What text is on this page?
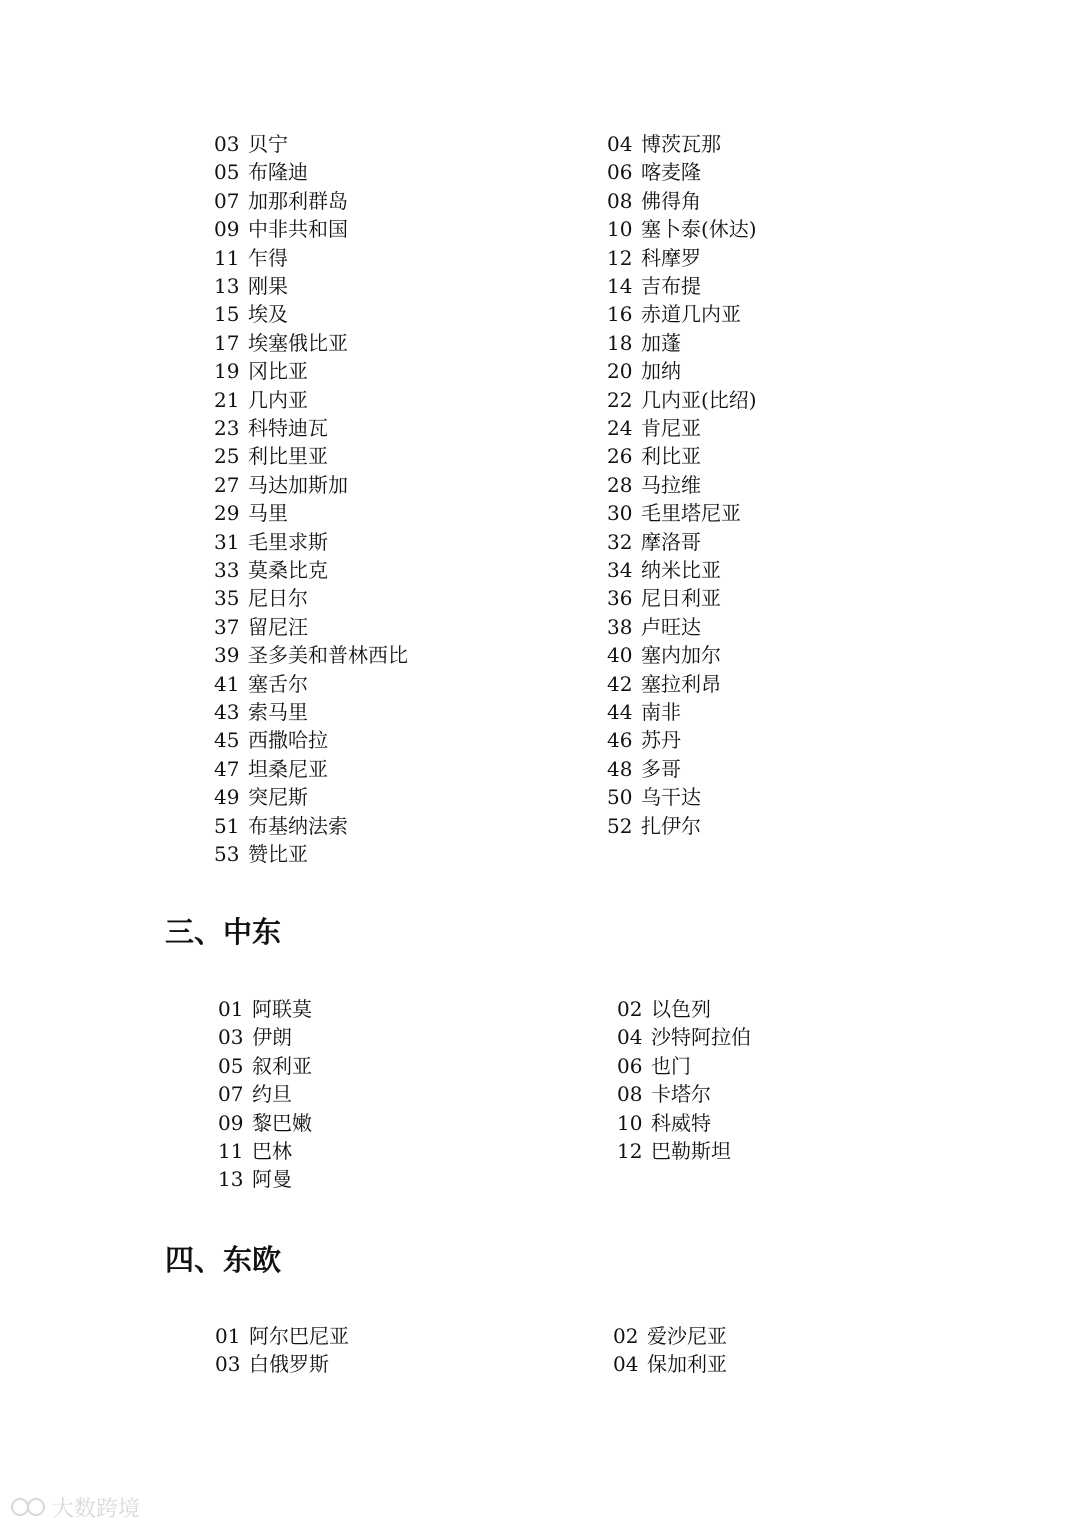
03 贝宁	04 博茨瓦那
05 布隆迪	06 喀麦隆
07 加那利群岛	08 佛得角
09 中非共和国	10 塞卜泰(休达)
11 乍得	12 科摩罗
13 刚果	14 吉布提
15 埃及	16 赤道几内亚
17 埃塞俄比亚	18 加蓬
19 冈比亚	20 加纳
21 几内亚	22 几内亚(比绍)
23 科特迪瓦	24 肯尼亚
25 利比里亚	26 利比亚
27 马达加斯加	28 马拉维
29 马里	30 毛里塔尼亚
31 毛里求斯	32 摩洛哥
33 莫桑比克	34 纳米比亚
35 尼日尔	36 尼日利亚
37 留尼汪	38 卢旺达
39 圣多美和普林西比	40 塞内加尔
41 塞舌尔	42 塞拉利昂
43 索马里	44 南非
45 西撒哈拉	46 苏丹
47 坦桑尼亚	48 多哥
49 突尼斯	50 乌干达
51 布基纳法索	52 扎伊尔
53 赞比亚
三、中东
01 阿联莫	02 以色列
03 伊朗	04 沙特阿拉伯
05 叙利亚	06 也门
07 约旦	08 卡塔尔
09 黎巴嫩	10 科威特
11 巴林	12 巴勒斯坦
13 阿曼
四、东欧
01 阿尔巴尼亚	02 爱沙尼亚
03 白俄罗斯	04 保加利亚
大数跨境
